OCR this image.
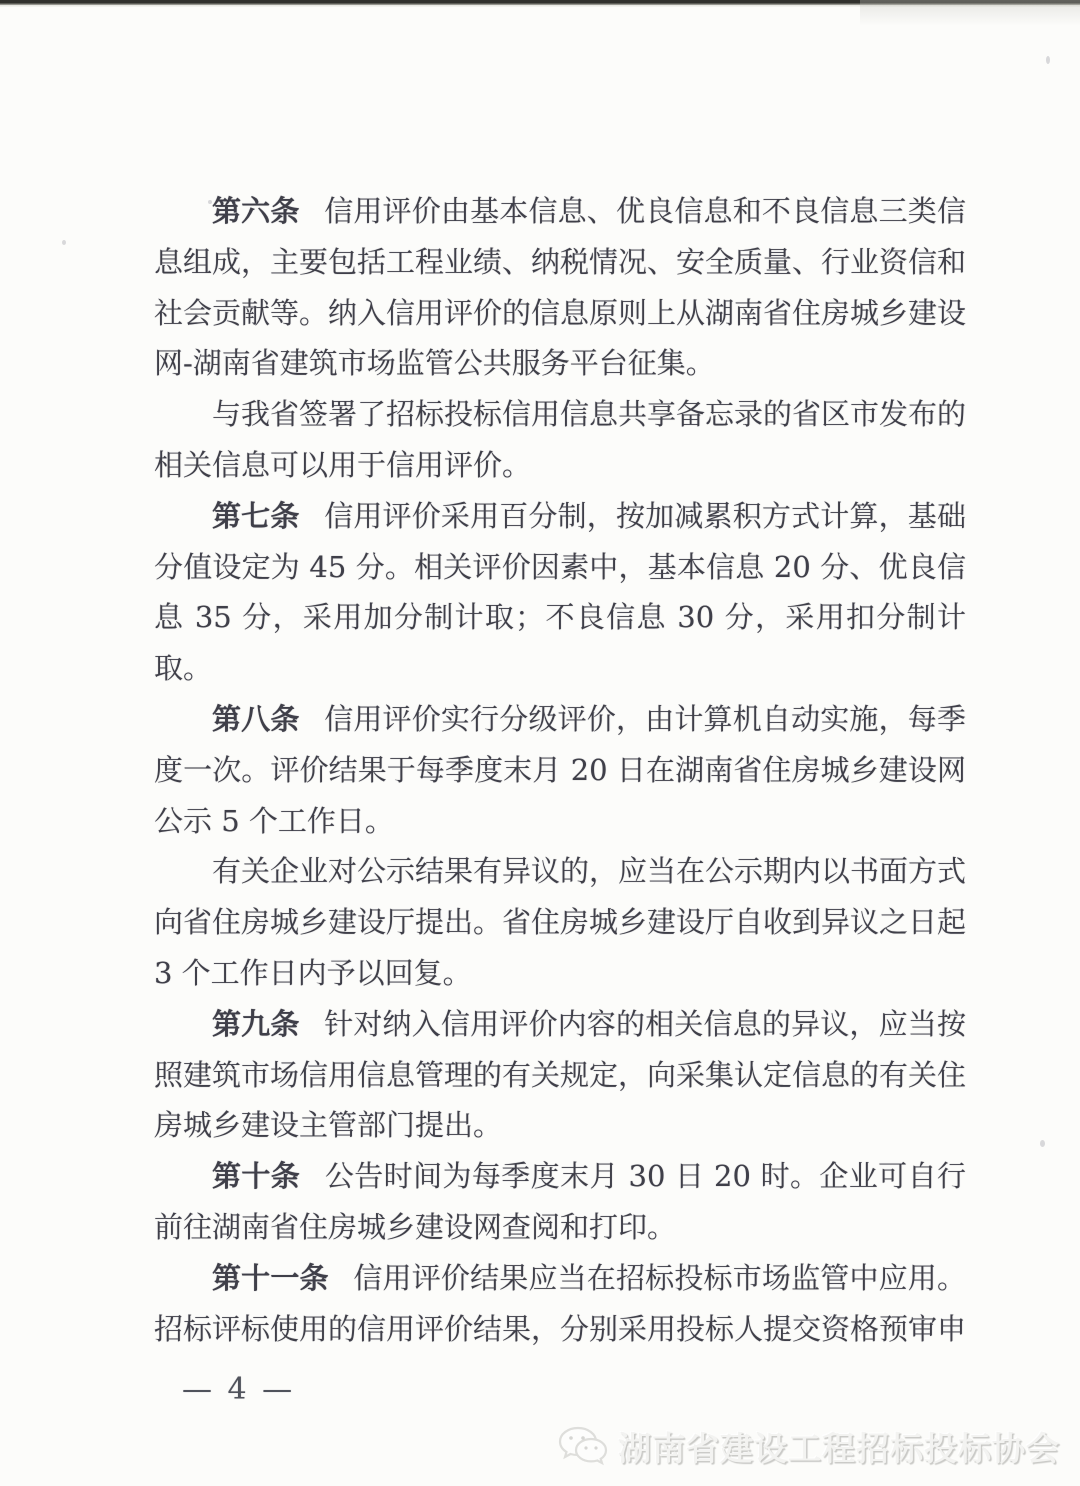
第六条 信用评价由基本信息、优良信息和不良信息三类信息组成，主要包括工程业绩、纳税情况、安全质量、行业资信和社会贡献等。纳入信用评价的信息原则上从湖南省住房城乡建设网-湖南省建筑市场监管公共服务平台征集。

与我省签署了招标投标信用信息共享备忘录的省区市发布的相关信息可以用于信用评价。

第七条 信用评价采用百分制，按加减累积方式计算，基础分值设定为 45 分。相关评价因素中，基本信息 20 分、优良信息 35 分，采用加分制计取；不良信息 30 分，采用扣分制计取。

第八条 信用评价实行分级评价，由计算机自动实施，每季度一次。评价结果于每季度末月 20 日在湖南省住房城乡建设网公示 5 个工作日。

有关企业对公示结果有异议的，应当在公示期内以书面方式向省住房城乡建设厅提出。省住房城乡建设厅自收到异议之日起 3 个工作日内予以回复。

第九条 针对纳入信用评价内容的相关信息的异议，应当按照建筑市场信用信息管理的有关规定，向采集认定信息的有关住房城乡建设主管部门提出。

第十条 公告时间为每季度末月 30 日 20 时。企业可自行前往湖南省住房城乡建设网查阅和打印。

第十一条 信用评价结果应当在招标投标市场监管中应用。招标评标使用的信用评价结果，分别采用投标人提交资格预审申

— 4 —
湖南省建设工程招标投标协会
